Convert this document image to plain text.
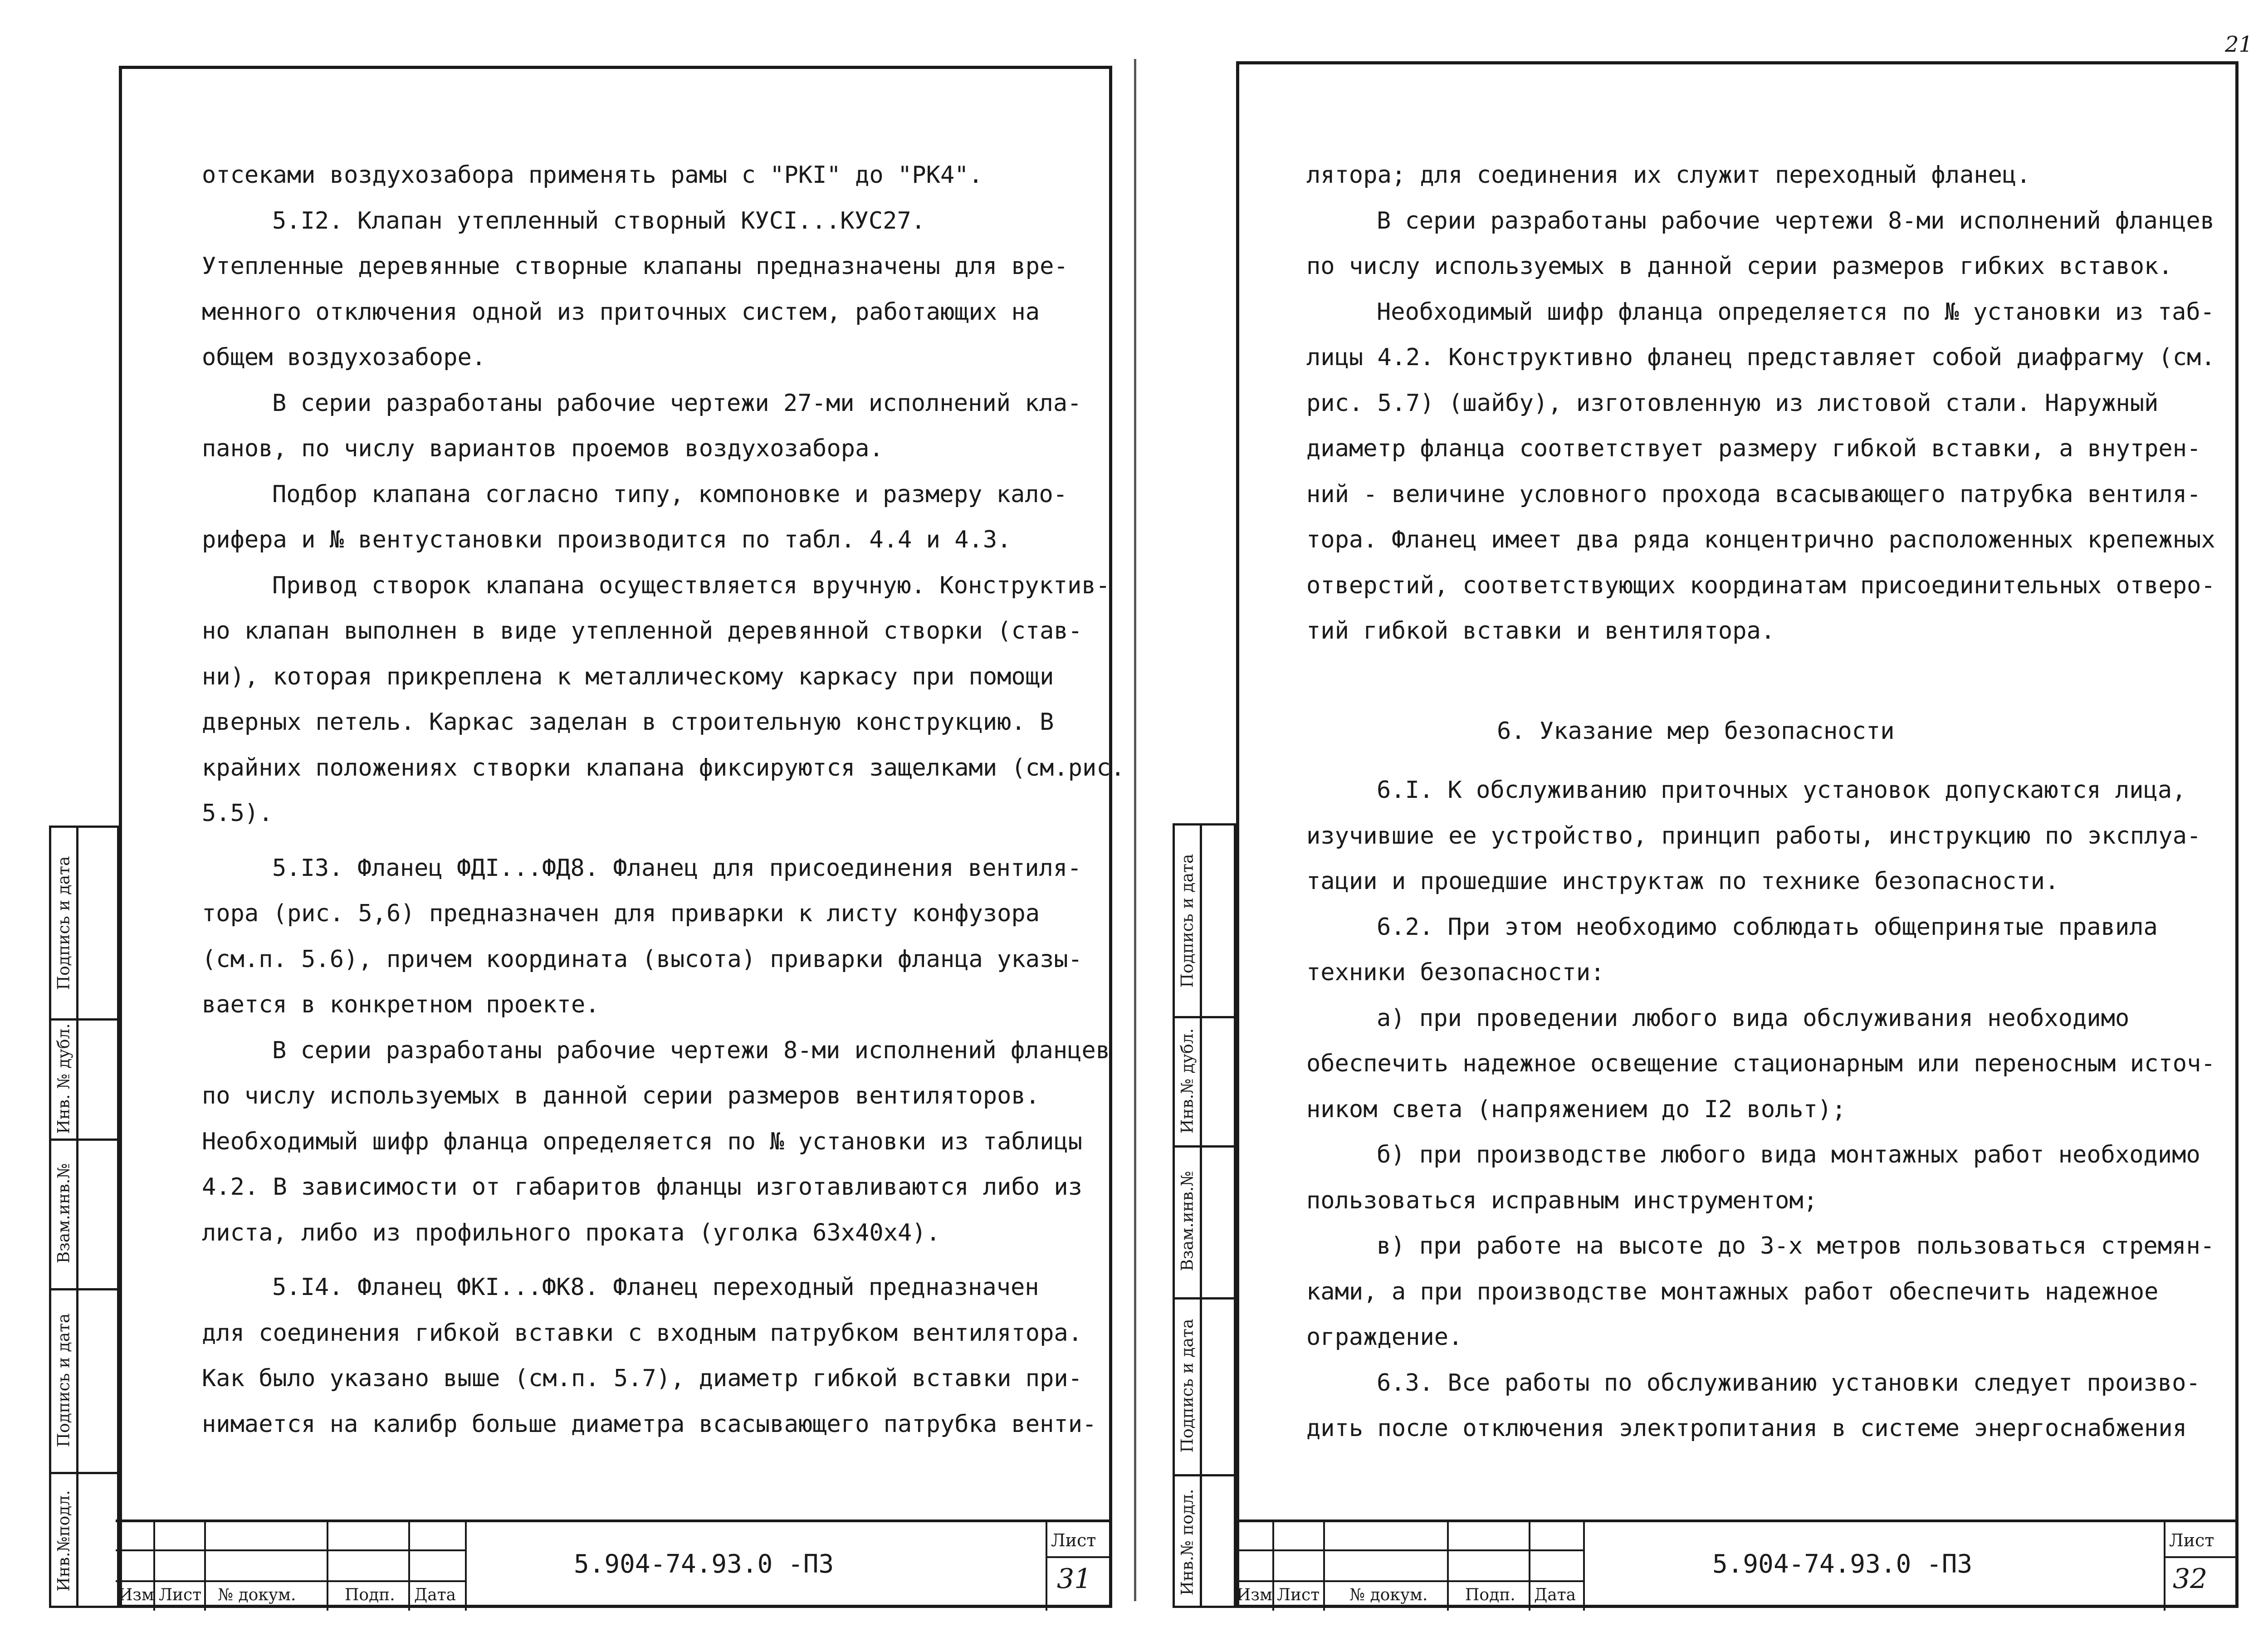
21
отсеками воздухозабора применять рамы с "РКI" до "РК4".
5.I2. Клапан утепленный створный КУСI...КУС27.
Утепленные деревянные створные клапаны предназначены для вре-
менного отключения одной из приточных систем, работающих на
общем воздухозаборе.
В серии разработаны рабочие чертежи 27-ми исполнений кла-
панов, по числу вариантов проемов воздухозабора.
Подбор клапана согласно типу, компоновке и размеру кало-
рифера и № вентустановки производится по табл. 4.4 и 4.3.
Привод створок клапана осуществляется вручную. Конструктив-
но клапан выполнен в виде утепленной деревянной створки (став-
ни), которая прикреплена к металлическому каркасу при помощи
дверных петель. Каркас заделан в строительную конструкцию. В
крайних положениях створки клапана фиксируются защелками (см.рис.
5.5).
5.I3. Фланец ФДI...ФД8. Фланец для присоединения вентиля-
тора (рис. 5,6) предназначен для приварки к листу конфузора
(см.п. 5.6), причем координата (высота) приварки фланца указы-
вается в конкретном проекте.
В серии разработаны рабочие чертежи 8-ми исполнений фланцев
по числу используемых в данной серии размеров вентиляторов.
Необходимый шифр фланца определяется по № установки из таблицы
4.2. В зависимости от габаритов фланцы изготавливаются либо из
листа, либо из профильного проката (уголка 63х40х4).
5.I4. Фланец ФКI...ФК8. Фланец переходный предназначен
для соединения гибкой вставки с входным патрубком вентилятора.
Как было указано выше (см.п. 5.7), диаметр гибкой вставки при-
нимается на калибр больше диаметра всасывающего патрубка венти-
Подпись и дата
Инв. № дубл.
Взам.инв.№
Подпись и дата
Инв.№подл.
Изм Лист № докум.	Подп. Дата
5.904-74.93.0 -ПЗ
Лист
31
лятора; для соединения их служит переходный фланец.
В серии разработаны рабочие чертежи 8-ми исполнений фланцев
по числу используемых в данной серии размеров гибких вставок.
Необходимый шифр фланца определяется по № установки из таб-
лицы 4.2. Конструктивно фланец представляет собой диафрагму (см.
рис. 5.7) (шайбу), изготовленную из листовой стали. Наружный
диаметр фланца соответствует размеру гибкой вставки, а внутрен-
ний - величине условного прохода всасывающего патрубка вентиля-
тора. Фланец имеет два ряда концентрично расположенных крепежных
отверстий, соответствующих координатам присоединительных отверо-
тий гибкой вставки и вентилятора.
6. Указание мер безопасности
6.I. К обслуживанию приточных установок допускаются лица,
изучившие ее устройство, принцип работы, инструкцию по эксплуа-
тации и прошедшие инструктаж по технике безопасности.
6.2. При этом необходимо соблюдать общепринятые правила
техники безопасности:
а) при проведении любого вида обслуживания необходимо
обеспечить надежное освещение стационарным или переносным источ-
ником света (напряжением до I2 вольт);
б) при производстве любого вида монтажных работ необходимо
пользоваться исправным инструментом;
в) при работе на высоте до 3-х метров пользоваться стремян-
ками, а при производстве монтажных работ обеспечить надежное
ограждение.
6.3. Все работы по обслуживанию установки следует произво-
дить после отключения электропитания в системе энергоснабжения
Подпись и дата
Инв.№ дубл.
Взам.инв.№
Подпись и дата
Инв.№ подл. Изм Лист № докум. Подп. Дата
5.904-74.93.0 -ПЗ
Лист
32
